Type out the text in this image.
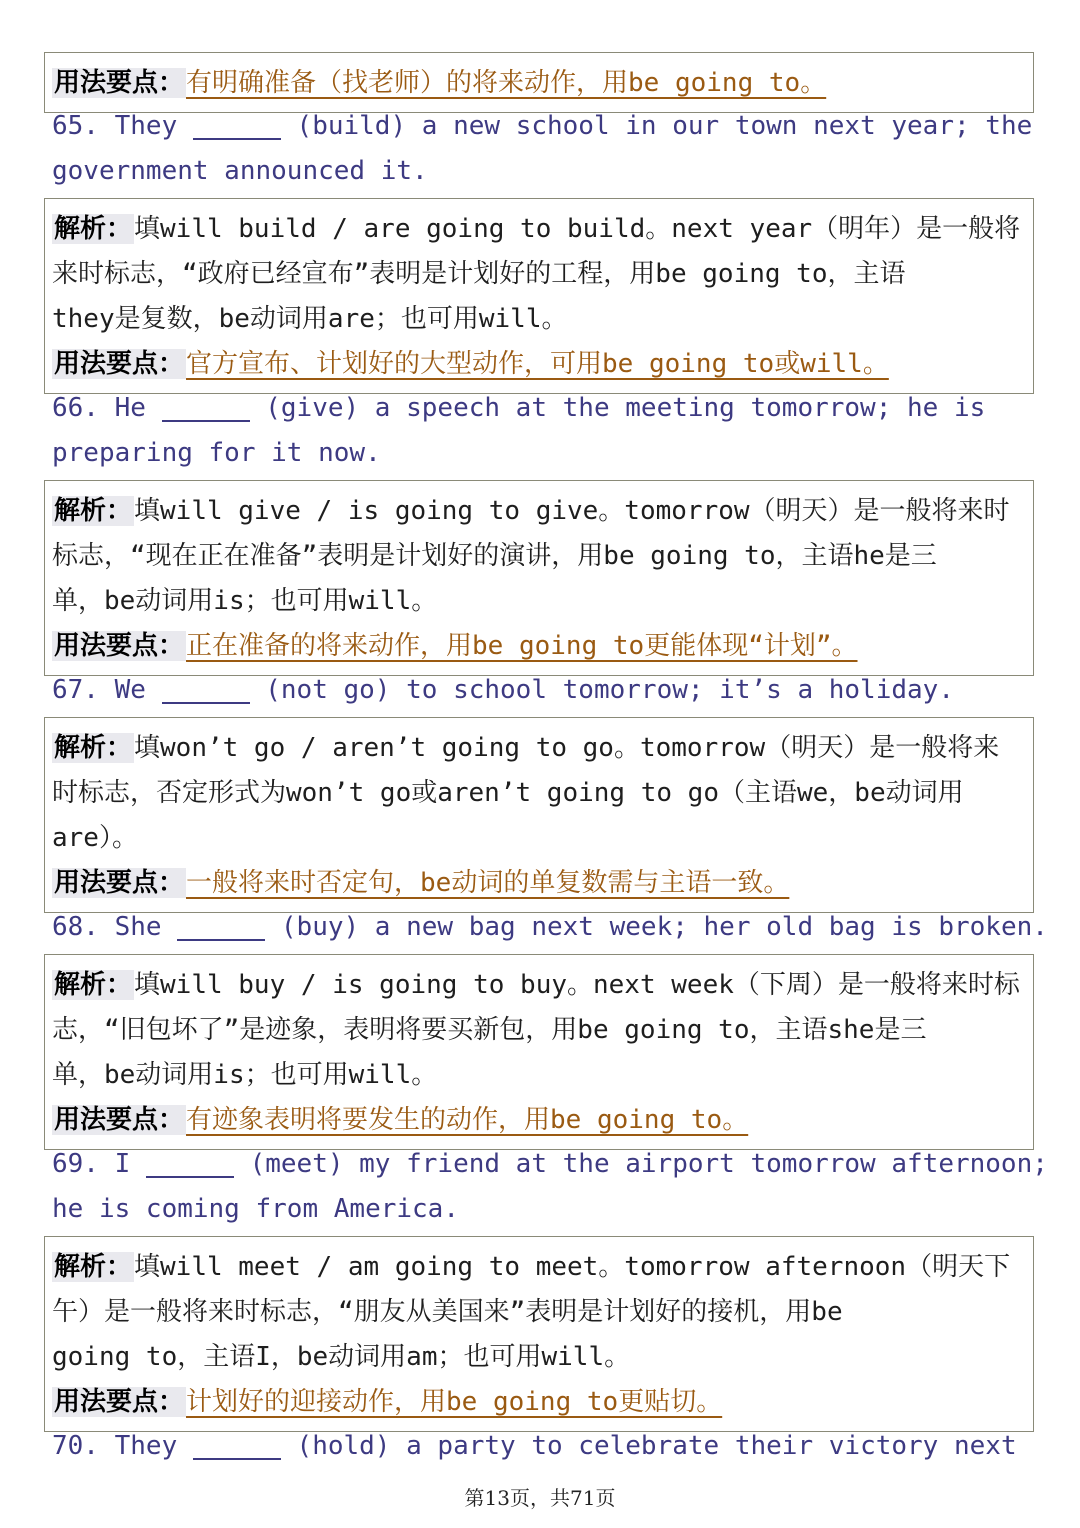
用法要点：有明确准备（找老师）的将来动作，用be going to。
65. They	(build) a new school in our town next year; the
government announced it.
解析：填will build / are going to build。next year（明年）是一般将
来时标志，“政府已经宣布”表明是计划好的工程，用be going to，主语
they是复数，be动词用are；也可用will。
用法要点：官方宣布、计划好的大型动作，可用be going to或will。
66. He	(give) a speech at the meeting tomorrow; he is
preparing for it now.
解析：填will give / is going to give。tomorrow（明天）是一般将来时
标志，“现在正在准备”表明是计划好的演讲，用be going to，主语he是三
单，be动词用is；也可用will。
用法要点：正在准备的将来动作，用be going to更能体现“计划”。
67. We	(not go) to school tomorrow; it’s a holiday.
解析：填won’t go / aren’t going to go。tomorrow（明天）是一般将来
时标志，否定形式为won’t go或aren’t going to go（主语we，be动词用
are）。
用法要点：一般将来时否定句，be动词的单复数需与主语一致。
68. She	(buy) a new bag next week; her old bag is broken.
解析：填will buy / is going to buy。next week（下周）是一般将来时标
志，“旧包坏了”是迹象，表明将要买新包，用be going to，主语she是三
单，be动词用is；也可用will。
用法要点：有迹象表明将要发生的动作，用be going to。
69. I	(meet) my friend at the airport tomorrow afternoon;
he is coming from America.
解析：填will meet / am going to meet。tomorrow afternoon（明天下
午）是一般将来时标志，“朋友从美国来”表明是计划好的接机，用be
going to，主语I，be动词用am；也可用will。
用法要点：计划好的迎接动作，用be going to更贴切。
70. They	(hold) a party to celebrate their victory next
第13页，共71页
